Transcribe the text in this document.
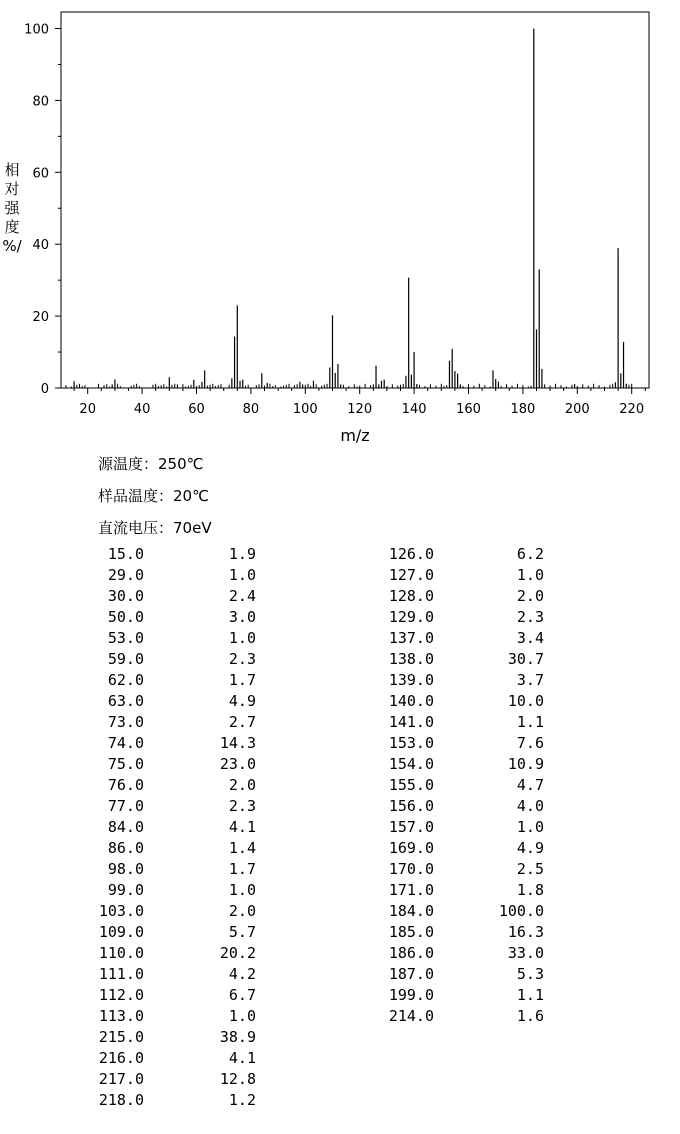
20	40	60	80	100 120 140 160 180 200 220
0
20
40
60
80
100
m/z
相
对
强
度
%/
源温度：250℃
样品温度：20℃
直流电压：70eV
15.0	1.9
29.0	1.0
30.0	2.4
50.0	3.0
53.0	1.0
59.0	2.3
62.0	1.7
63.0	4.9
73.0	2.7
74.0	14.3
75.0	23.0
76.0	2.0
77.0	2.3
84.0	4.1
86.0	1.4
98.0	1.7
99.0	1.0
103.0	2.0
109.0	5.7
110.0	20.2
111.0	4.2
112.0	6.7
113.0	1.0
215.0	38.9
216.0	4.1
217.0	12.8
218.0	1.2
126.0	6.2
127.0	1.0
128.0	2.0
129.0	2.3
137.0	3.4
138.0	30.7
139.0	3.7
140.0	10.0
141.0	1.1
153.0	7.6
154.0	10.9
155.0	4.7
156.0	4.0
157.0	1.0
169.0	4.9
170.0	2.5
171.0	1.8
184.0	100.0
185.0	16.3
186.0	33.0
187.0	5.3
199.0	1.1
214.0	1.6
